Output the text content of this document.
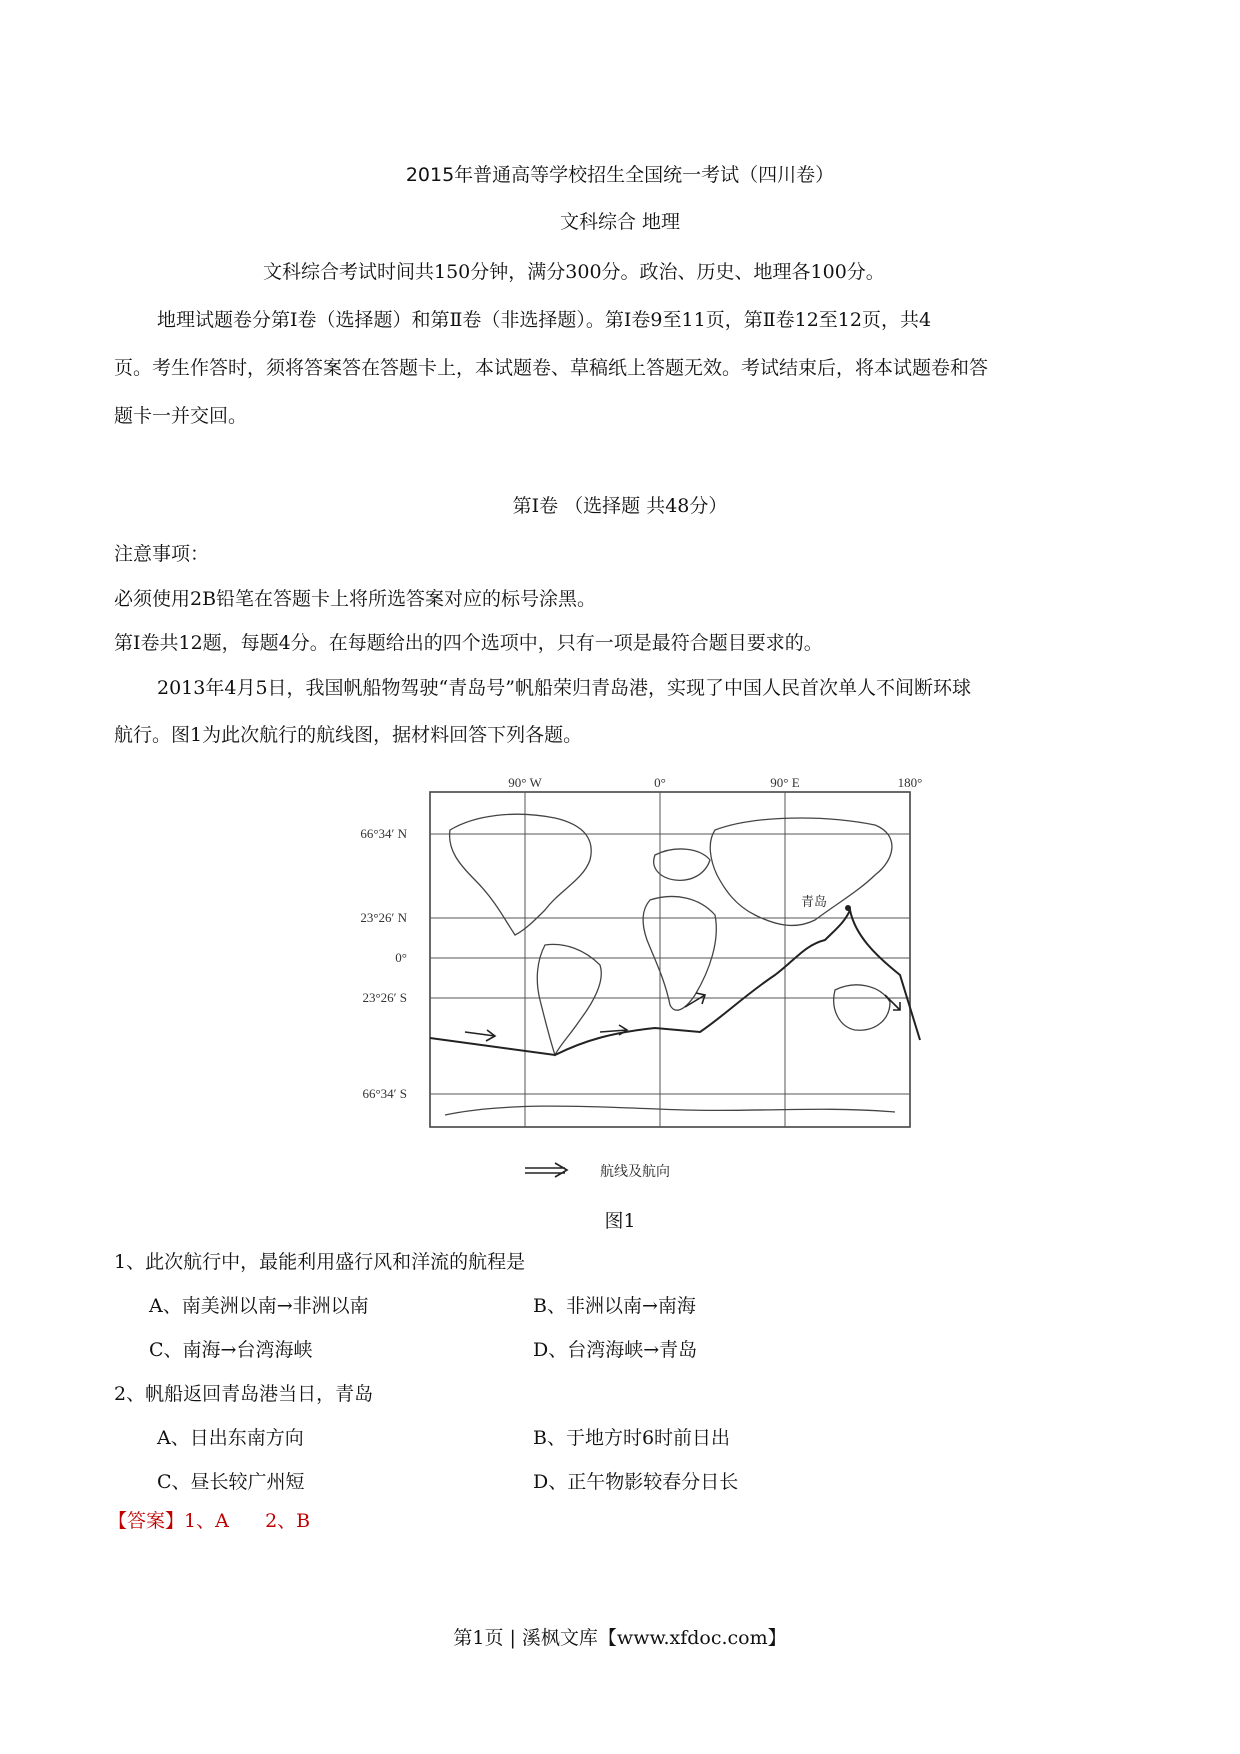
2015年普通高等学校招生全国统一考试（四川卷）
文科综合 地理
文科综合考试时间共150分钟，满分300分。政治、历史、地理各100分。
地理试题卷分第Ⅰ卷（选择题）和第Ⅱ卷（非选择题）。第Ⅰ卷9至11页，第Ⅱ卷12至12页，共4
页。考生作答时，须将答案答在答题卡上，本试题卷、草稿纸上答题无效。考试结束后，将本试题卷和答
题卡一并交回。
第Ⅰ卷 （选择题 共48分）
注意事项：
必须使用2B铅笔在答题卡上将所选答案对应的标号涂黑。
第Ⅰ卷共12题，每题4分。在每题给出的四个选项中，只有一项是最符合题目要求的。
2013年4月5日，我国帆船物驾驶“青岛号”帆船荣归青岛港，实现了中国人民首次单人不间断环球
航行。图1为此次航行的航线图，据材料回答下列各题。
90° W	0°	90° E	180°
66°34′ N
23°26′ N
0°
23°26′ S
66°34′ S
青岛
航线及航向
图1
1、此次航行中，最能利用盛行风和洋流的航程是
A、南美洲以南→非洲以南	B、非洲以南→南海
C、南海→台湾海峡	D、台湾海峡→青岛
2、帆船返回青岛港当日，青岛
A、日出东南方向	B、于地方时6时前日出
C、昼长较广州短	D、正午物影较春分日长
【答案】1、A      2、B
第1页 | 溪枫文库【www.xfdoc.com】
